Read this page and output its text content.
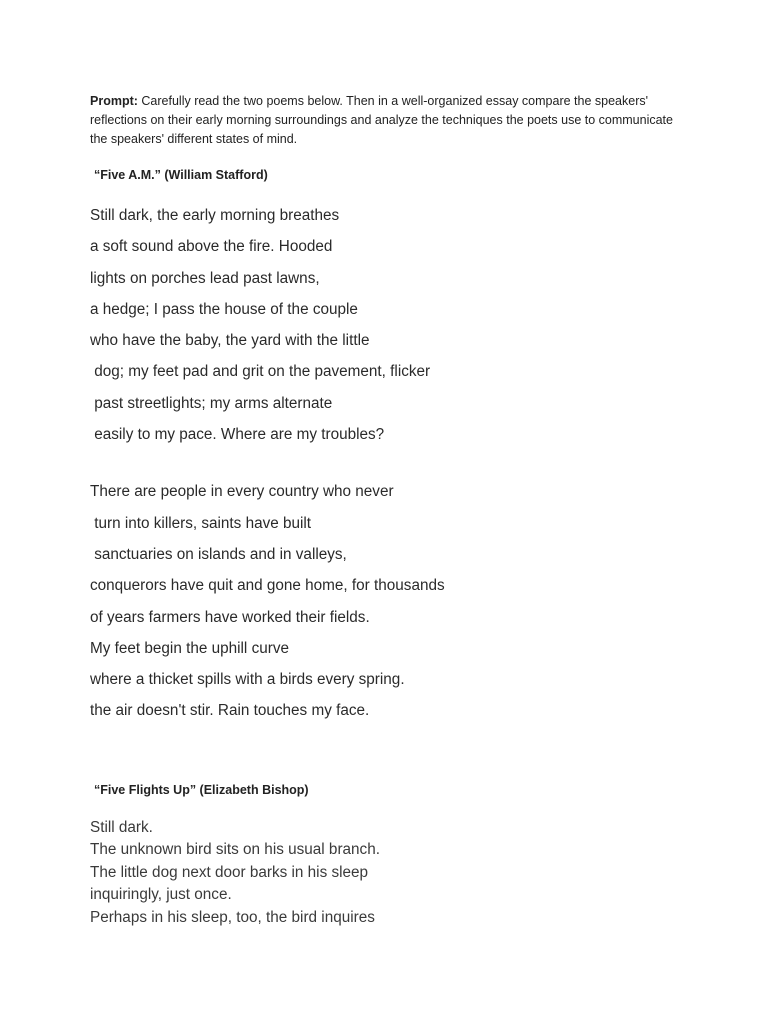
Prompt: Carefully read the two poems below. Then in a well-organized essay compare the speakers' reflections on their early morning surroundings and analyze the techniques the poets use to communicate the speakers' different states of mind.

“Five A.M.” (William Stafford)

Still dark, the early morning breathes

a soft sound above the fire. Hooded

lights on porches lead past lawns,

a hedge; I pass the house of the couple

who have the baby, the yard with the little

dog; my feet pad and grit on the pavement, flicker

past streetlights; my arms alternate

easily to my pace. Where are my troubles?

There are people in every country who never

turn into killers, saints have built

sanctuaries on islands and in valleys,

conquerors have quit and gone home, for thousands

of years farmers have worked their fields.

My feet begin the uphill curve

where a thicket spills with a birds every spring.

the air doesn't stir. Rain touches my face.

“Five Flights Up” (Elizabeth Bishop)

Still dark.

The unknown bird sits on his usual branch.

The little dog next door barks in his sleep

inquiringly, just once.

Perhaps in his sleep, too, the bird inquires
